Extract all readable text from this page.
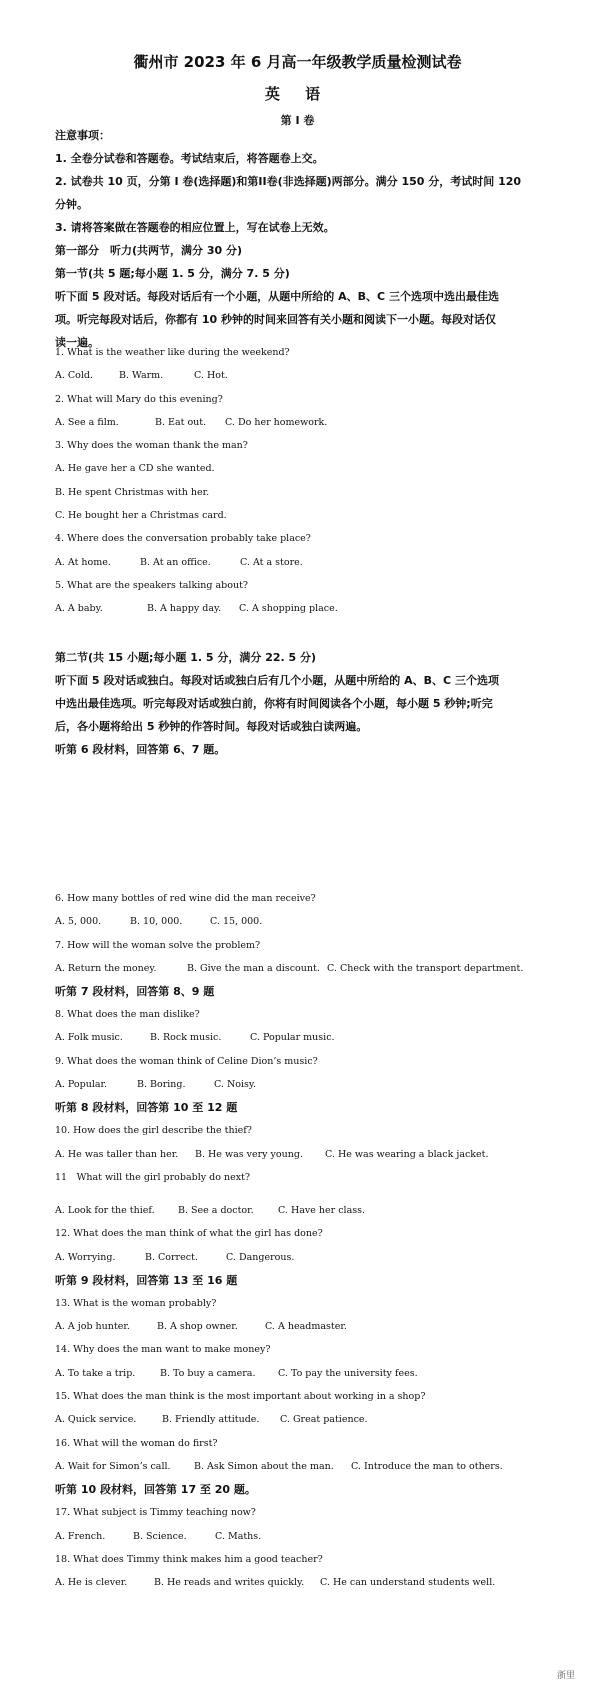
衢州市 2023 年 6 月高一年级教学质量检测试卷
英 语
第 I 卷

注意事项：

1. 全卷分试卷和答题卷。考试结束后，将答题卷上交。

2. 试卷共 10 页，分第 I 卷(选择题)和第II卷(非选择题)两部分。满分 150 分，考试时间 120

分钟。

3. 请将答案做在答题卷的相应位置上，写在试卷上无效。

第一部分　听力(共两节，满分 30 分)

第一节(共 5 题;每小题 1. 5 分，满分 7. 5 分)

听下面 5 段对话。每段对话后有一个小题，从题中所给的 A、B、C 三个选项中选出最佳选

项。听完每段对话后，你都有 10 秒钟的时间来回答有关小题和阅读下一小题。每段对话仅

读一遍。

1. What is the weather like during the weekend?

A. Cold.	B. Warm.	C. Hot.

2. What will Mary do this evening?

A. See a film.	B. Eat out.	C. Do her homework.

3. Why does the woman thank the man?

A. He gave her a CD she wanted.

B. He spent Christmas with her.

C. He bought her a Christmas card.

4. Where does the conversation probably take place?

A. At home.	B. At an office.	C. At a store.

5. What are the speakers talking about?

A. A baby.	B. A happy day.	C. A shopping place.

第二节(共 15 小题;每小题 1. 5 分，满分 22. 5 分)

听下面 5 段对话或独白。每段对话或独白后有几个小题，从题中所给的 A、B、C 三个选项

中选出最佳选项。听完每段对话或独白前，你将有时间阅读各个小题，每小题 5 秒钟;听完

后，各小题将给出 5 秒钟的作答时间。每段对话或独白读两遍。

听第 6 段材料，回答第 6、7 题。

6. How many bottles of red wine did the man receive?

A. 5, 000.	B. 10, 000.	C. 15, 000.

7. How will the woman solve the problem?

A. Return the money.	B. Give the man a discount. C. Check with the transport department.

听第 7 段材料，回答第 8、9 题

8. What does the man dislike?

A. Folk music.	B. Rock music.	C. Popular music.

9. What does the woman think of Celine Dion’s music?

A. Popular.	B. Boring.	C. Noisy.

听第 8 段材料，回答第 10 至 12 题

10. How does the girl describe the thief?

A. He was taller than her.	B. He was very young.	C. He was wearing a black jacket.

11　What will the girl probably do next?

A. Look for the thief.	B. See a doctor.	C. Have her class.

12. What does the man think of what the girl has done?

A. Worrying.	B. Correct.	C. Dangerous.

听第 9 段材料，回答第 13 至 16 题

13. What is the woman probably?

A. A job hunter.	B. A shop owner.	C. A headmaster.

14. Why does the man want to make money?

A. To take a trip.	B. To buy a camera.	C. To pay the university fees.

15. What does the man think is the most important about working in a shop?

A. Quick service.	B. Friendly attitude.	C. Great patience.

16. What will the woman do first?

A. Wait for Simon’s call.	B. Ask Simon about the man.	C. Introduce the man to others.

听第 10 段材料，回答第 17 至 20 题。

17. What subject is Timmy teaching now?

A. French.	B. Science.	C. Maths.

18. What does Timmy think makes him a good teacher?

A. He is clever.	B. He reads and writes quickly.	C. He can understand students well.
浙里
